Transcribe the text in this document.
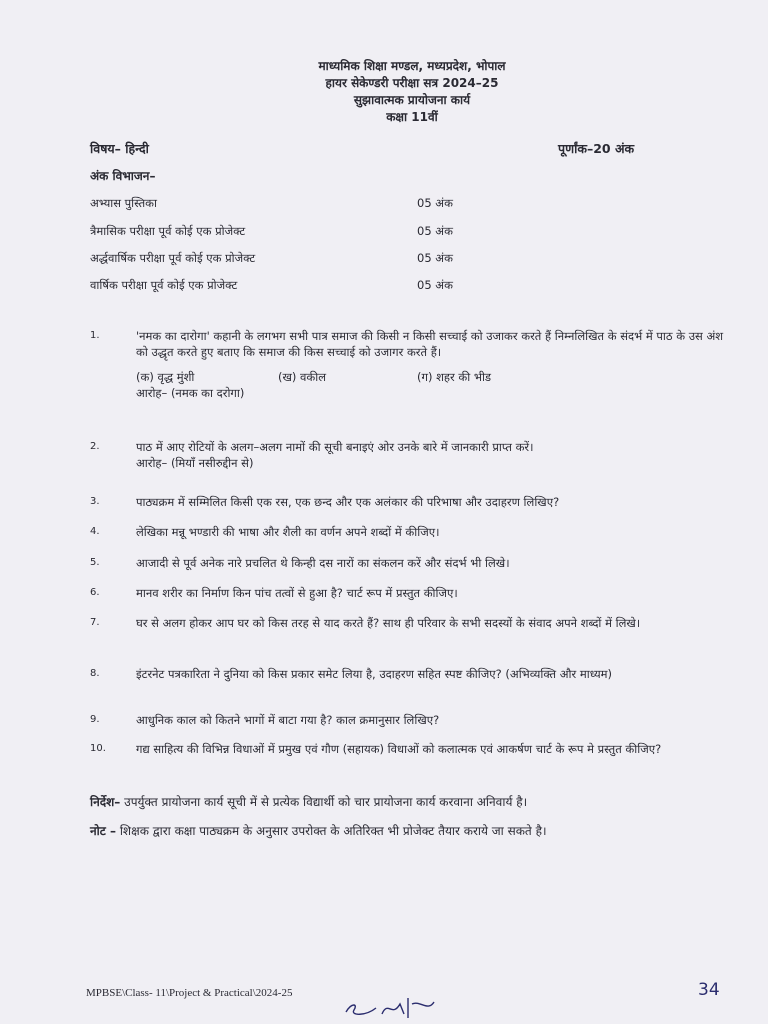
माध्यमिक शिक्षा मण्डल, मध्यप्रदेश, भोपाल
हायर सेकेण्डरी परीक्षा सत्र 2024–25
सुझावात्मक प्रायोजना कार्य
कक्षा 11वीं
विषय– हिन्दी	पूर्णांक–20 अंक
अंक विभाजन–
अभ्यास पुस्तिका	05 अंक
त्रैमासिक परीक्षा पूर्व कोई एक प्रोजेक्ट	05 अंक
अर्द्धवार्षिक परीक्षा पूर्व कोई एक प्रोजेक्ट	05 अंक
वार्षिक परीक्षा पूर्व कोई एक प्रोजेक्ट	05 अंक
1.	'नमक का दारोगा' कहानी के लगभग सभी पात्र समाज की किसी न किसी सच्चाई को उजाकर करते हैं निम्नलिखित के संदर्भ में पाठ के उस अंश को उद्धृत करते हुए बताए कि समाज की किस सच्चाई को उजागर करते हैं।
(क) वृद्ध मुंशी	(ख) वकील	(ग) शहर की भीड
आरोह– (नमक का दरोगा)
2.	पाठ में आए रोटियों के अलग–अलग नामों की सूची बनाइएं ओर उनके बारे में जानकारी प्राप्त करें।
आरोह– (मियाँ नसीरुद्दीन से)
3.	पाठ्यक्रम में सम्मिलित किसी एक रस, एक छन्द और एक अलंकार की परिभाषा और उदाहरण लिखिए?
4.	लेखिका मन्नू भण्डारी की भाषा और शैली का वर्णन अपने शब्दों में कीजिए।
5.	आजादी से पूर्व अनेक नारे प्रचलित थे किन्ही दस नारों का संकलन करें और संदर्भ भी लिखे।
6.	मानव शरीर का निर्माण किन पांच तत्वों से हुआ है? चार्ट रूप में प्रस्तुत कीजिए।
7.	घर से अलग होकर आप घर को किस तरह से याद करते हैं? साथ ही परिवार के सभी सदस्यों के संवाद अपने शब्दों में लिखे।
8.	इंटरनेट पत्रकारिता ने दुनिया को किस प्रकार समेट लिया है, उदाहरण सहित स्पष्ट कीजिए? (अभिव्यक्ति और माध्यम)
9.	आधुनिक काल को कितने भागों में बाटा गया है? काल क्रमानुसार लिखिए?
10.	गद्य साहित्य की विभिन्न विधाओं में प्रमुख एवं गौण (सहायक) विधाओं को कलात्मक एवं आकर्षण चार्ट के रूप मे प्रस्तुत कीजिए?
निर्देश– उपर्युक्त प्रायोजना कार्य सूची में से प्रत्येक विद्यार्थी को चार प्रायोजना कार्य करवाना अनिवार्य है।
नोट – शिक्षक द्वारा कक्षा पाठ्यक्रम के अनुसार उपरोक्त के अतिरिक्त भी प्रोजेक्ट तैयार कराये जा सकते है।
MPBSE\Class- 11\Project & Practical\2024-25	34
